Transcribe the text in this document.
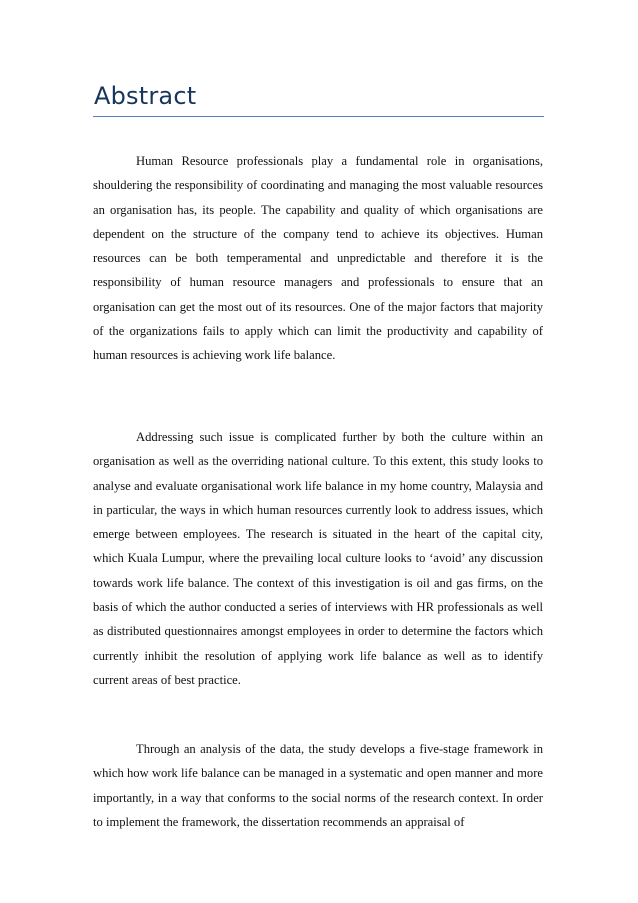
Abstract

Human Resource professionals play a fundamental role in organisations, shouldering the responsibility of coordinating and managing the most valuable resources an organisation has, its people. The capability and quality of which organisations are dependent on the structure of the company tend to achieve its objectives. Human resources can be both temperamental and unpredictable and therefore it is the responsibility of human resource managers and professionals to ensure that an organisation can get the most out of its resources. One of the major factors that majority of the organizations fails to apply which can limit the productivity and capability of human resources is achieving work life balance.

Addressing such issue is complicated further by both the culture within an organisation as well as the overriding national culture. To this extent, this study looks to analyse and evaluate organisational work life balance in my home country, Malaysia and in particular, the ways in which human resources currently look to address issues, which emerge between employees. The research is situated in the heart of the capital city, which Kuala Lumpur, where the prevailing local culture looks to ‘avoid’ any discussion towards work life balance. The context of this investigation is oil and gas firms, on the basis of which the author conducted a series of interviews with HR professionals as well as distributed questionnaires amongst employees in order to determine the factors which currently inhibit the resolution of applying work life balance as well as to identify current areas of best practice.

Through an analysis of the data, the study develops a five-stage framework in which how work life balance can be managed in a systematic and open manner and more importantly, in a way that conforms to the social norms of the research context. In order to implement the framework, the dissertation recommends an appraisal of
